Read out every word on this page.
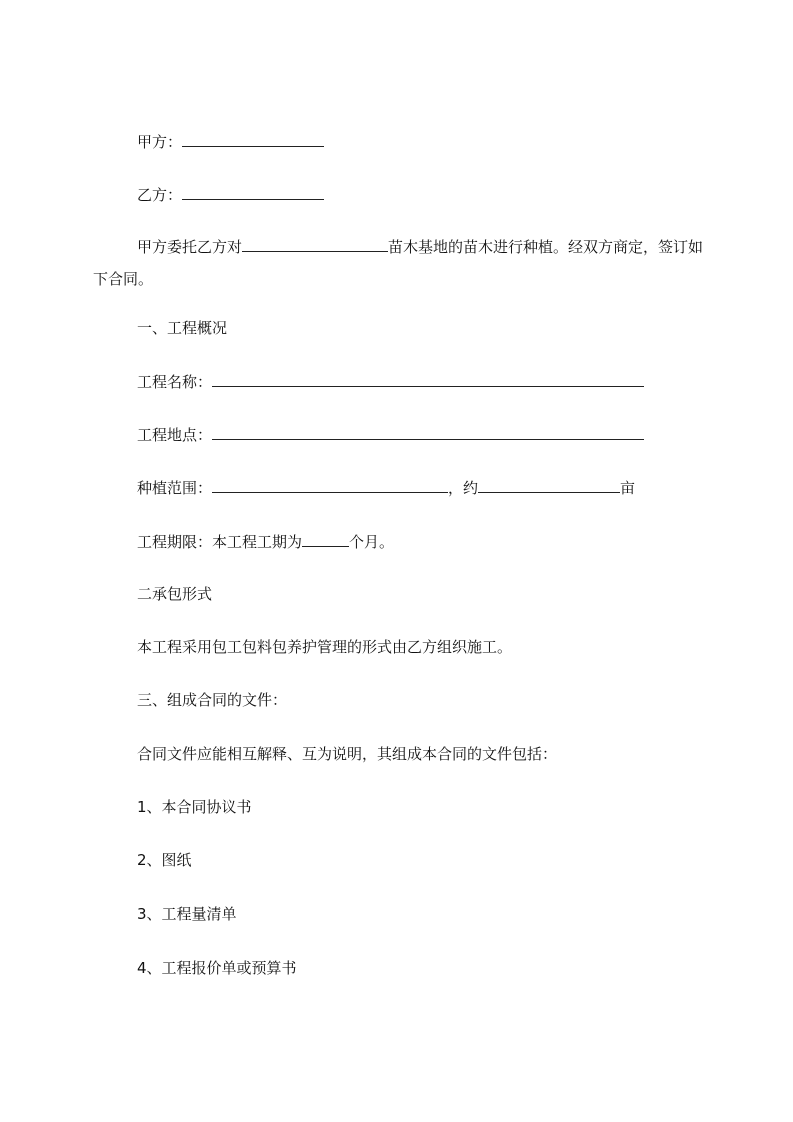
甲方：
乙方：
甲方委托乙方对	苗木基地的苗木进行种植。经双方商定，签订如下合同。
一、工程概况
工程名称：
工程地点：
种植范围：	，约	亩
工程期限：本工程工期为	个月。
二承包形式
本工程采用包工包料包养护管理的形式由乙方组织施工。
三、组成合同的文件：
合同文件应能相互解释、互为说明，其组成本合同的文件包括：
1、本合同协议书
2、图纸
3、工程量清单
4、工程报价单或预算书
